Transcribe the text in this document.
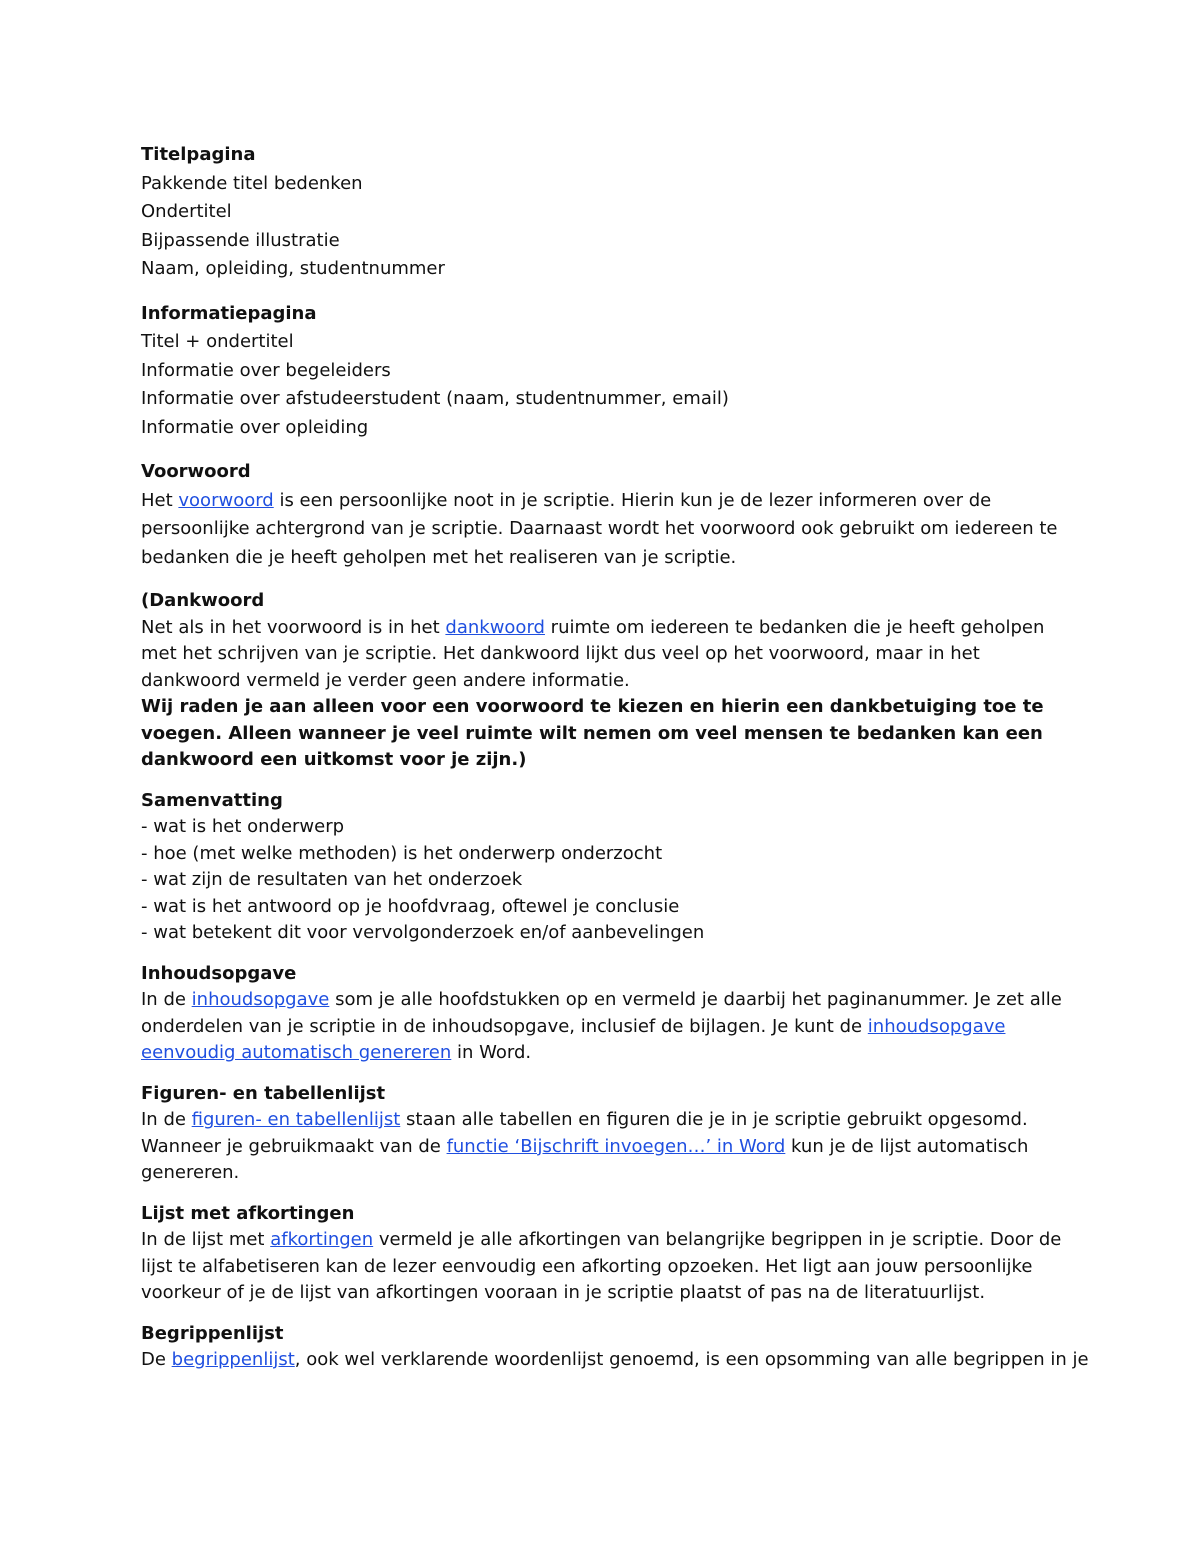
Titelpagina
Pakkende titel bedenken
Ondertitel
Bijpassende illustratie
Naam, opleiding, studentnummer
Informatiepagina
Titel + ondertitel
Informatie over begeleiders
Informatie over afstudeerstudent (naam, studentnummer, email)
Informatie over opleiding
Voorwoord
Het voorwoord is een persoonlijke noot in je scriptie. Hierin kun je de lezer informeren over de persoonlijke achtergrond van je scriptie. Daarnaast wordt het voorwoord ook gebruikt om iedereen te bedanken die je heeft geholpen met het realiseren van je scriptie.
(Dankwoord
Net als in het voorwoord is in het dankwoord ruimte om iedereen te bedanken die je heeft geholpen met het schrijven van je scriptie. Het dankwoord lijkt dus veel op het voorwoord, maar in het dankwoord vermeld je verder geen andere informatie.
Wij raden je aan alleen voor een voorwoord te kiezen en hierin een dankbetuiging toe te voegen. Alleen wanneer je veel ruimte wilt nemen om veel mensen te bedanken kan een dankwoord een uitkomst voor je zijn.)
Samenvatting
- wat is het onderwerp
- hoe (met welke methoden) is het onderwerp onderzocht
- wat zijn de resultaten van het onderzoek
- wat is het antwoord op je hoofdvraag, oftewel je conclusie
- wat betekent dit voor vervolgonderzoek en/of aanbevelingen
Inhoudsopgave
In de inhoudsopgave som je alle hoofdstukken op en vermeld je daarbij het paginanummer. Je zet alle onderdelen van je scriptie in de inhoudsopgave, inclusief de bijlagen. Je kunt de inhoudsopgave eenvoudig automatisch genereren in Word.
Figuren- en tabellenlijst
In de figuren- en tabellenlijst staan alle tabellen en figuren die je in je scriptie gebruikt opgesomd. Wanneer je gebruikmaakt van de functie ‘Bijschrift invoegen…’ in Word kun je de lijst automatisch genereren.
Lijst met afkortingen
In de lijst met afkortingen vermeld je alle afkortingen van belangrijke begrippen in je scriptie. Door de lijst te alfabetiseren kan de lezer eenvoudig een afkorting opzoeken. Het ligt aan jouw persoonlijke voorkeur of je de lijst van afkortingen vooraan in je scriptie plaatst of pas na de literatuurlijst.
Begrippenlijst
De begrippenlijst, ook wel verklarende woordenlijst genoemd, is een opsomming van alle begrippen in je
